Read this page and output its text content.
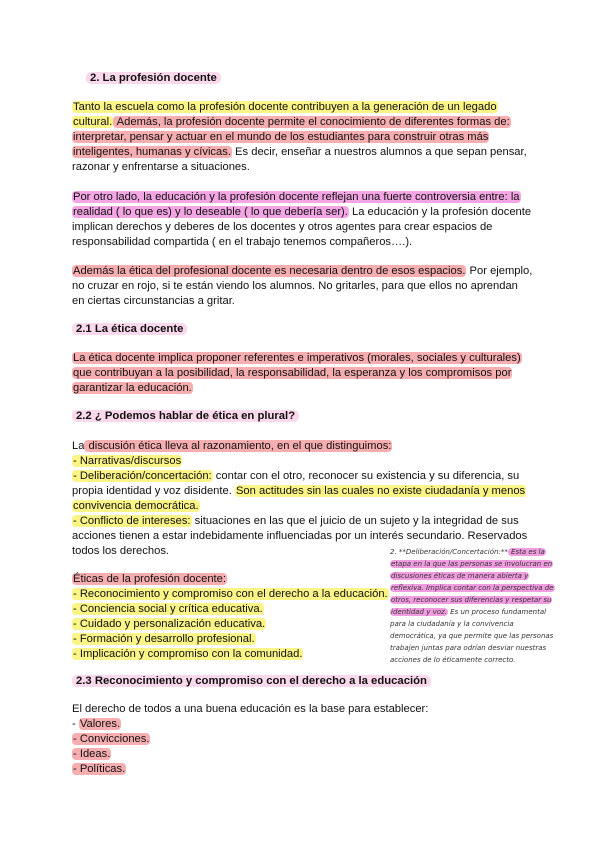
2. La profesión docente
Tanto la escuela como la profesión docente contribuyen a la generación de un legado
cultural. Además, la profesión docente permite el conocimiento de diferentes formas de:
interpretar, pensar y actuar en el mundo de los estudiantes para construir otras más
inteligentes, humanas y cívicas. Es decir, enseñar a nuestros alumnos a que sepan pensar,
razonar y enfrentarse a situaciones.
Por otro lado, la educación y la profesión docente reflejan una fuerte controversia entre: la
realidad ( lo que es) y lo deseable ( lo que debería ser). La educación y la profesión docente
implican derechos y deberes de los docentes y otros agentes para crear espacios de
responsabilidad compartida ( en el trabajo tenemos compañeros….).
Además la ética del profesional docente es necesaria dentro de esos espacios. Por ejemplo,
no cruzar en rojo, si te están viendo los alumnos. No gritarles, para que ellos no aprendan
en ciertas circunstancias a gritar.
2.1 La ética docente
La ética docente implica proponer referentes e imperativos (morales, sociales y culturales)
que contribuyan a la posibilidad, la responsabilidad, la esperanza y los compromisos por
garantizar la educación.
2.2 ¿ Podemos hablar de ética en plural?
La discusión ética lleva al razonamiento, en el que distinguimos:
- Narrativas/discursos
- Deliberación/concertación: contar con el otro, reconocer su existencia y su diferencia, su
propia identidad y voz disidente. Son actitudes sin las cuales no existe ciudadanía y menos
convivencia democrática.
- Conflicto de intereses: situaciones en las que el juicio de un sujeto y la integridad de sus
acciones tienen a estar indebidamente influenciadas por un interés secundario. Reservados
todos los derechos.
Éticas de la profesión docente:
- Reconocimiento y compromiso con el derecho a la educación.
- Conciencia social y crítica educativa.
- Cuidado y personalización educativa.
- Formación y desarrollo profesional.
- Implicación y compromiso con la comunidad.
2. **Deliberación/Concertación:** Esta es la
etapa en la que las personas se involucran en
discusiones éticas de manera abierta y
reflexiva. Implica contar con la perspectiva de
otros, reconocer sus diferencias y respetar su
identidad y voz. Es un proceso fundamental
para la ciudadanía y la convivencia
democrática, ya que permite que las personas
trabajen juntas para odrían desviar nuestras
acciones de lo éticamente correcto.
2.3 Reconocimiento y compromiso con el derecho a la educación
El derecho de todos a una buena educación es la base para establecer:
- Valores.
- Convicciones.
- Ideas.
- Políticas.
